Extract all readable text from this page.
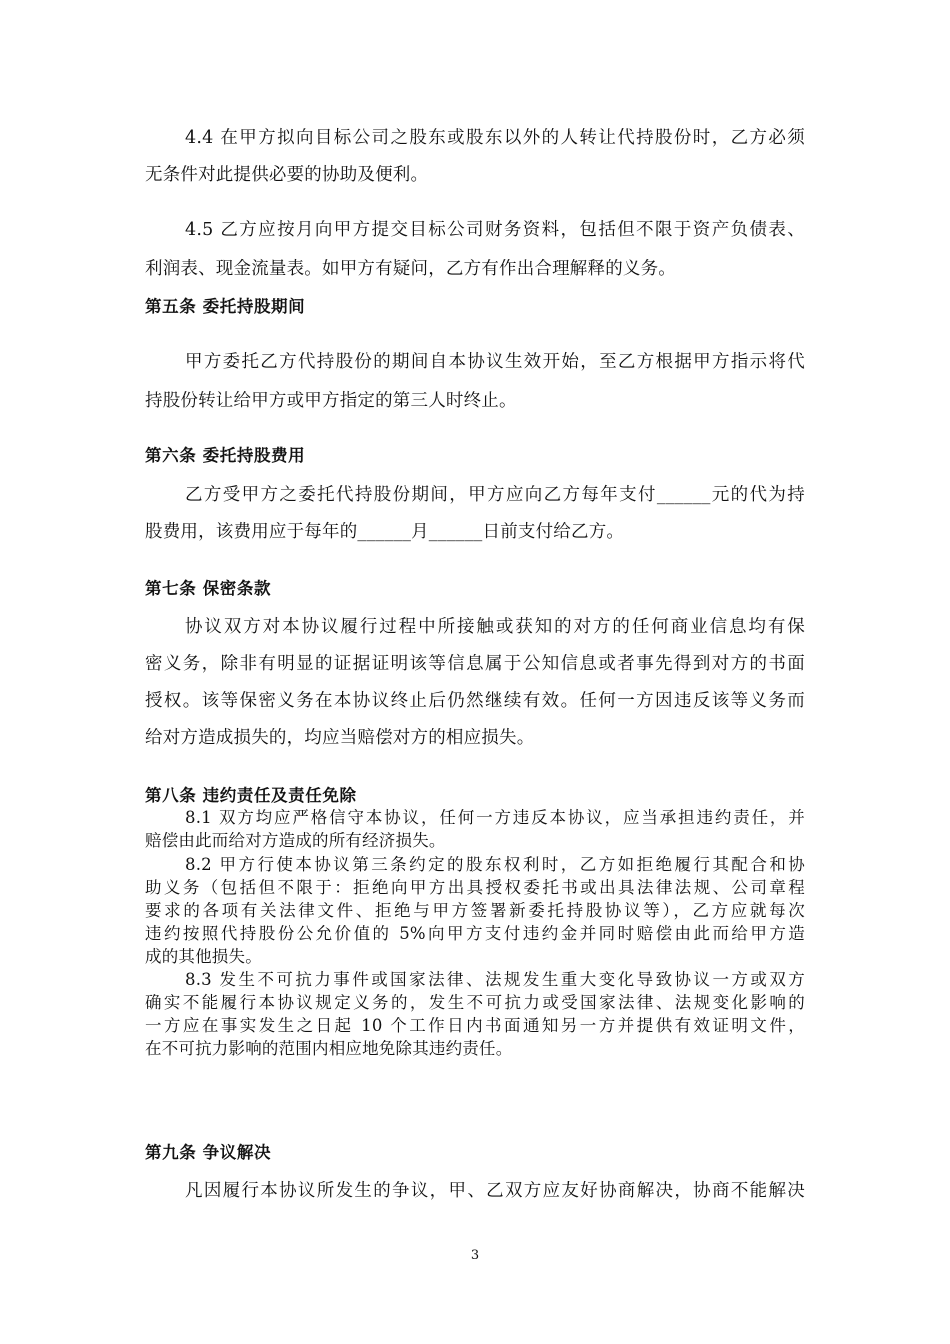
4.4 在甲方拟向目标公司之股东或股东以外的人转让代持股份时，乙方必须
无条件对此提供必要的协助及便利。
4.5 乙方应按月向甲方提交目标公司财务资料，包括但不限于资产负债表、
利润表、现金流量表。如甲方有疑问，乙方有作出合理解释的义务。
第五条 委托持股期间
甲方委托乙方代持股份的期间自本协议生效开始，至乙方根据甲方指示将代
持股份转让给甲方或甲方指定的第三人时终止。
第六条 委托持股费用
乙方受甲方之委托代持股份期间，甲方应向乙方每年支付______元的代为持
股费用，该费用应于每年的______月______日前支付给乙方。
第七条 保密条款
协议双方对本协议履行过程中所接触或获知的对方的任何商业信息均有保
密义务，除非有明显的证据证明该等信息属于公知信息或者事先得到对方的书面
授权。该等保密义务在本协议终止后仍然继续有效。任何一方因违反该等义务而
给对方造成损失的，均应当赔偿对方的相应损失。
第八条 违约责任及责任免除
8.1 双方均应严格信守本协议，任何一方违反本协议，应当承担违约责任，并
赔偿由此而给对方造成的所有经济损失。
8.2 甲方行使本协议第三条约定的股东权利时，乙方如拒绝履行其配合和协
助义务（包括但不限于：拒绝向甲方出具授权委托书或出具法律法规、公司章程
要求的各项有关法律文件、拒绝与甲方签署新委托持股协议等），乙方应就每次
违约按照代持股份公允价值的 5%向甲方支付违约金并同时赔偿由此而给甲方造
成的其他损失。
8.3 发生不可抗力事件或国家法律、法规发生重大变化导致协议一方或双方
确实不能履行本协议规定义务的，发生不可抗力或受国家法律、法规变化影响的
一方应在事实发生之日起 10 个工作日内书面通知另一方并提供有效证明文件，
在不可抗力影响的范围内相应地免除其违约责任。
第九条 争议解决
凡因履行本协议所发生的争议，甲、乙双方应友好协商解决，协商不能解决
3
